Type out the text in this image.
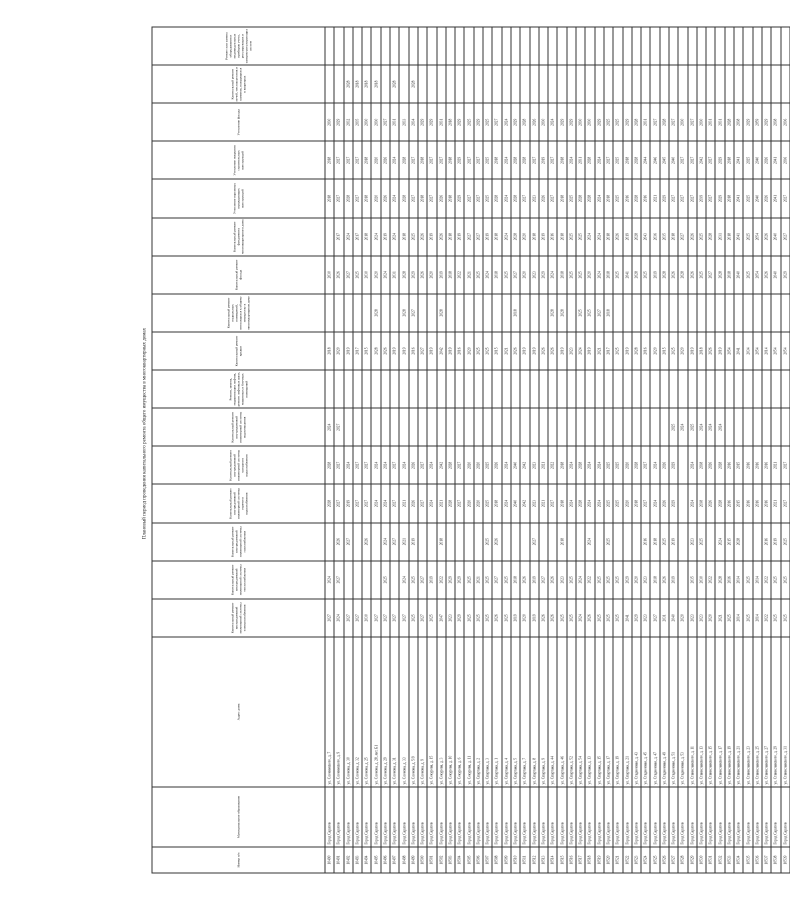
Плановый период проведения капитального ремонта общего имущества в многоквартирных домах
Номер п/п	Муниципальное образование	Адрес дома	Капитальный ремонт внутридомовой инженерной системы электроснабжения	Капитальный ремонт внутридомовой инженерной системы теплоснабжения	Капитальный ремонт внутридомовой инженерной системы газоснабжения	Капитальный ремонт внутридомовой инженерной системы горячего водоснабжения	Капитальный ремонт внутридомовой инженерной системы холодного водоснабжения	Капитальный ремонт внутридомовой инженерной системы водоотведения	Ремонт, замена, модернизация лифтов, ремонт лифтовых шахт, машинных и блочных помещений	Капитальный ремонт крыши	Капитальный ремонт подвальных помещений, относящихся к общему имуществу в многоквартирном доме	Капитальный ремонт фасада	Капитальный ремонт фундамента многоквартирного дома	Утепление наружных ограждающих конструкций	Утепление покрытия строительных конструкций	Утепление фасада	Капитальный ремонт печей, теплоагрегатов и каминов, находящихся в квартирах	Ремонт или замена оборудования и индивидуальных приборов учета, регулирующих и запорно-регулирующих систем
10490	Город Саратов	ул. Слонимского, д. 7	2027	2024		2028	2028	2024		2018		2030		2018	2018	2030		
10491	Город Саратов	ул. Слонимского, д. 9	2024	2027	2026	2027	2027	2027		2020		2026	2017	2027	2027	2029		
10492	Город Саратов	ул. Слонова, д. 30	2027		2027	2019	2024			2019		2027	2024	2028	2027	2032	2028	
10493	Город Саратов	ул. Слонова, д. 32	2027			2027	2027			2017		2025	2017	2027	2027	2035	2018	
10494	Город Саратов	ул. Слонова, д. 25	2030		2026	2027	2027			2015		2030	2018	2018	2018	2030	2018	
10495	Город Саратов	ул. Слонова, д. 28, лит. Б1	2027			2024	2024			2028	2028	2020	2024	2020	2020	2030	2018	
10496	Город Саратов	ул. Слонова, д. 29	2027	2025	2024	2024	2024			2026		2024	2019	2026	2026	2027		
10497	Город Саратов	ул. Слонова, д. 31	2027		2027	2027	2027			2019		2031	2024	2024	2024	2031	2028	
10498	Город Саратов	ул. Слонова, д. 33	2027	2024	2021	2021	2024			2019	2028	2028	2018	2028	2028	2033		
10499	Город Саратов	ул. Слонова, д. 5/9	2025	2025	2019	2026	2026			2016	2027	2029	2025	2027	2027	2034	2028	
10500	Город Саратов	ул. Слонова, д. 9	2027	2027		2027	2027			2027		2026	2026	2018	2018	2029		
10501	Город Саратов	ул. Сокурова, д. 15	2025	2019		2024	2024			2019		2020	2019	2027	2027	2029		
10502	Город Саратов	ул. Сокурова, д. 3	2047	2022	2018	2021	2042			2042	2028	2019	2026	2026	2027	2031		
10503	Город Саратов	ул. Сокурова, д. 10	2023	2029		2028	2028			2019		2018	2018	2018	2018	2018		
10504	Город Саратов	ул. Сокурова, д. 6	2029	2029		2027	2027			2016		2022	2019	2029	2029	2029		
10505	Город Саратов	ул. Сокурова, д. 11	2025	2025		2020	2020			2020		2021	2027	2027	2027	2025		
10506	Город Саратов	ул. Спартака, д. 2	2025	2021		2020	2020			2025		2025	2027	2027	2027	2029		
10507	Город Саратов	ул. Спартака, д. 3	2025	2025	2025	2025	2025			2025		2024	2019	2025	2025	2025		
10508	Город Саратов	ул. Спартака, д. 1	2026	2027	2026	2018	2026			2015		2018	2018	2028	2018	2027		
10509	Город Саратов	ул. Спартака, д. 4	2025	2025		2024	2024			2021		2025	2024	2024	2024	2024		
10510	Город Саратов	ул. Спартака, д. 5	2019	2018		2040	2040			2026	2018	2027	2028	2028	2028	2029		
10511	Город Саратов	ул. Спартака, д. 7	2020	2026		2042	2042			2019		2020	2020	2027	2028	2028		
10512	Город Саратов	ул. Спартака, д. 8	2019	2019	2027	2023	2023			2019		2023	2018	2023	2027	2026		
10513	Город Саратов	ул. Спартака, д. 9	2026	2027		2021	2021			2026		2029	2019	2026	2019	2030		
10514	Город Саратов	ул. Спартака, д. 44	2026	2026		2027	2022			2026	2028	2024	2016	2027	2027	2024		
10515	Город Саратов	ул. Спартака, д. 46	2025	2023	2018	2018	2018			2019	2028	2018	2018	2018	2018	2029		
10516	Город Саратов	ул. Спартака, д. 52	2025	2025		2024	2024			2023		2025	2025	2025	2024	2029		
10517	Город Саратов	ул. Спартака, д. 54	2024	2024		2028	2028			2024	2025	2025	2025	2028	2031	2030		
10518	Город Саратов	ул. Спартака, д. 13	2026	2022	2024	2024	2024			2019	2025	2020	2024	2028	2028	2030		
10519	Город Саратов	ул. Спартака, д. 15	2025	2025		2024	2024			2021	2027	2024	2024	2024	2024	2029		
10520	Город Саратов	ул. Спартака, д. 17	2025	2025	2025	2025	2025			2017	2018	2018	2018	2018	2027	2025		
10521	Город Саратов	ул. Спартака, д. 19	2025	2025		2025	2025			2025		2025	2026	2025	2025	2025		
10522	Город Саратов	ул. Спартака, д. 21	2041	2029		2020	2020			2019		2041	2019	2016	2018	2029		
10523	Город Саратов	ул. Стадионная, д. 43	2029	2020		2018	2028			2028		2028	2028	2028	2028	2028		
10524	Город Саратов	ул. Стадионная, д. 45	2023	2023	2016	2027	2027			2016		2025	2043	2016	2044	2031		
10525	Город Саратов	ул. Стадионная, д. 47	2027	2018	2018	2024	2024			2020		2019	2036	2021	2046	2027		
10526	Город Саратов	ул. Стадионная, д. 49	2031	2026	2025	2026	2026			2015		2028	2035	2029	2045	2028		
10527	Город Саратов	ул. Стадионная, д. 51	2040	2019	2019	2029	2029	2025		2025		2026	2018	2027	2040	2027		
10528	Город Саратов	ул. Стадионная, д. 53	2020					2024		2020		2028	2027	2027	2027	2030		
10529	Город Саратов	ул. Станиславского, д. 11	2023	2035	2023	2024	2024	2025		2019		2026	2026	2027	2027	2027		
10530	Город Саратов	ул. Станиславского, д. 13	2023	2030	2025	2038	2038	2024		2018		2025	2025	2039	2042	2030		
10531	Город Саратов	ул. Станиславского, д. 15	2020	2022		2026	2026	2024		2026		2027	2028	2027	2027	2031		
10532	Город Саратов	ул. Станиславского, д. 17	2021	2028	2024	2028	2028	2024		2019		2028	2031	2029	2029	2031		
10533	Город Саратов	ул. Станиславского, д. 19	2025	2016	2015	2016	2016			2054		2018	2018	2018	2018	2028		
10534	Город Саратов	ул. Станиславского, д. 21	2014	2014	2028	2015	2015			2041		2040	2041	2041	2041	2038		
10535	Город Саратов	ул. Станиславского, д. 23	2025	2025		2016	2016			2034		2025	2025	2025	2025	2029		
10536	Город Саратов	ул. Станиславского, д. 25	2014	2014		2016	2016			2054		2054	2054	2040	2040	2059		
10537	Город Саратов	ул. Станиславского, д. 27	2022	2022	2016	2016	2016			2014		2026	2026	2026	2026	2029		
10538	Город Саратов	ул. Станиславского, д. 29	2025	2025	2019	2021	2021			2054		2040	2040	2041	2041	2038		
10539	Город Саратов	ул. Станиславского, д. 31	2025	2025	2025	2027	2027			2054		2029	2027	2027	2036	2036		
